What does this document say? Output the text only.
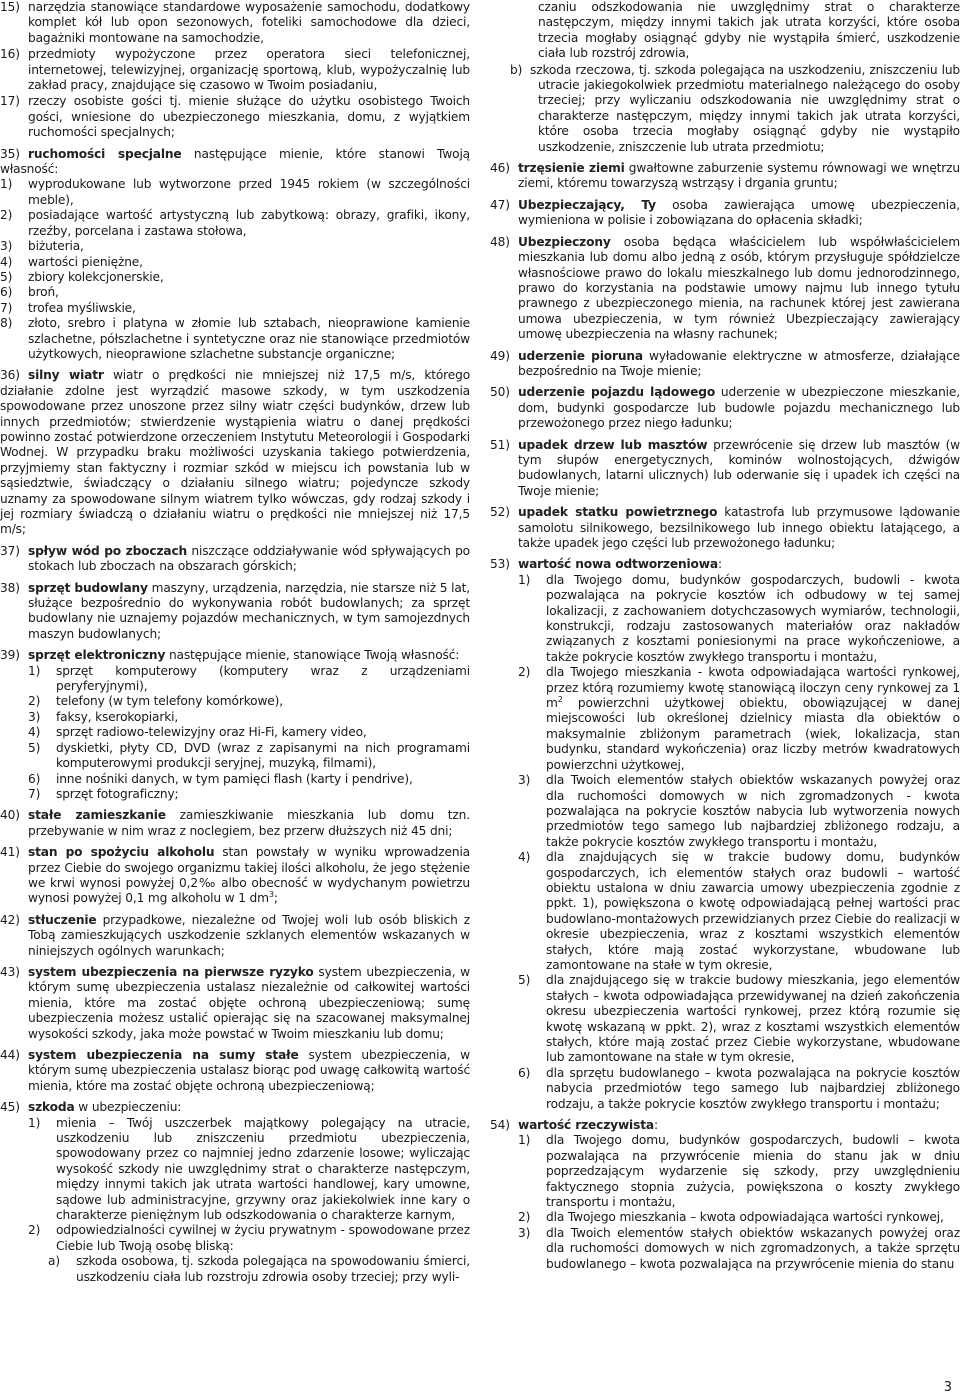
15) narzędzia stanowiące standardowe wyposażenie samochodu, dodatkowy komplet kół lub opon sezonowych, foteliki samochodowe dla dzieci, bagażniki montowane na samochodzie,

16) przedmioty wypożyczone przez operatora sieci telefonicznej, internetowej, telewizyjnej, organizację sportową, klub, wypożyczalnię lub zakład pracy, znajdujące się czasowo w Twoim posiadaniu,

17) rzeczy osobiste gości tj. mienie służące do użytku osobistego Twoich gości, wniesione do ubezpieczonego mieszkania, domu, z wyjątkiem ruchomości specjalnych;

35) ruchomości specjalne następujące mienie, które stanowi Twoją własność:

1) wyprodukowane lub wytworzone przed 1945 rokiem (w szczególności meble),
2) posiadające wartość artystyczną lub zabytkową: obrazy, grafiki, ikony, rzeźby, porcelana i zastawa stołowa,
3) biżuteria,
4) wartości pieniężne,
5) zbiory kolekcjonerskie,
6) broń,
7) trofea myśliwskie,
8) złoto, srebro i platyna w złomie lub sztabach, nieoprawione kamienie szlachetne, półszlachetne i syntetyczne oraz nie stanowiące przedmiotów użytkowych, nieoprawione szlachetne substancje organiczne;

36) silny wiatr wiatr o prędkości nie mniejszej niż 17,5 m/s, którego działanie zdolne jest wyrządzić masowe szkody, w tym uszkodzenia spowodowane przez unoszone przez silny wiatr części budynków, drzew lub innych przedmiotów; stwierdzenie wystąpienia wiatru o danej prędkości powinno zostać potwierdzone orzeczeniem Instytutu Meteorologii i Gospodarki Wodnej. W przypadku braku możliwości uzyskania takiego potwierdzenia, przyjmiemy stan faktyczny i rozmiar szkód w miejscu ich powstania lub w sąsiedztwie, świadczący o działaniu silnego wiatru; pojedyncze szkody uznamy za spowodowane silnym wiatrem tylko wówczas, gdy rodzaj szkody i jej rozmiary świadczą o działaniu wiatru o prędkości nie mniejszej niż 17,5 m/s;

37) spływ wód po zboczach niszczące oddziaływanie wód spływających po stokach lub zboczach na obszarach górskich;

38) sprzęt budowlany maszyny, urządzenia, narzędzia, nie starsze niż 5 lat, służące bezpośrednio do wykonywania robót budowlanych; za sprzęt budowlany nie uznajemy pojazdów mechanicznych, w tym samojezdnych maszyn budowlanych;

39) sprzęt elektroniczny następujące mienie, stanowiące Twoją własność:

1) sprzęt komputerowy (komputery wraz z urządzeniami peryferyjnymi),
2) telefony (w tym telefony komórkowe),
3) faksy, kserokopiarki,
4) sprzęt radiowo-telewizyjny oraz Hi-Fi, kamery video,
5) dyskietki, płyty CD, DVD (wraz z zapisanymi na nich programami komputerowymi produkcji seryjnej, muzyką, filmami),
6) inne nośniki danych, w tym pamięci flash (karty i pendrive),
7) sprzęt fotograficzny;

40) stałe zamieszkanie zamieszkiwanie mieszkania lub domu tzn. przebywanie w nim wraz z noclegiem, bez przerw dłuższych niż 45 dni;

41) stan po spożyciu alkoholu stan powstały w wyniku wprowadzenia przez Ciebie do swojego organizmu takiej ilości alkoholu, że jego stężenie we krwi wynosi powyżej 0,2‰ albo obecność w wydychanym powietrzu wynosi powyżej 0,1 mg alkoholu w 1 $dm^3$;

42) stłuczenie przypadkowe, niezależne od Twojej woli lub osób bliskich z Tobą zamieszkujących uszkodzenie szklanych elementów wskazanych w niniejszych ogólnych warunkach;

43) system ubezpieczenia na pierwsze ryzyko system ubezpieczenia, w którym sumę ubezpieczenia ustalasz niezależnie od całkowitej wartości mienia, które ma zostać objęte ochroną ubezpieczeniową; sumę ubezpieczenia możesz ustalić opierając się na szacowanej maksymalnej wysokości szkody, jaka może powstać w Twoim mieszkaniu lub domu;

44) system ubezpieczenia na sumy stałe system ubezpieczenia, w którym sumę ubezpieczenia ustalasz biorąc pod uwagę całkowitą wartość mienia, które ma zostać objęte ochroną ubezpieczeniową;

45) szkoda w ubezpieczeniu:

1) mienia – Twój uszczerbek majątkowy polegający na utracie, uszkodzeniu lub zniszczeniu przedmiotu ubezpieczenia, spowodowany przez co najmniej jedno zdarzenie losowe; wyliczając wysokość szkody nie uwzględnimy strat o charakterze następczym, między innymi takich jak utrata wartości handlowej, kary umowne, sądowe lub administracyjne, grzywny oraz jakiekolwiek inne kary o charakterze pieniężnym lub odszkodowania o charakterze karnym,
2) odpowiedzialności cywilnej w życiu prywatnym - spowodowane przez Ciebie lub Twoją osobę bliską:
a) szkoda osobowa, tj. szkoda polegająca na spowodowaniu śmierci, uszkodzeniu ciała lub rozstroju zdrowia osoby trzeciej; przy wyli-

czaniu odszkodowania nie uwzględnimy strat o charakterze następczym, między innymi takich jak utrata korzyści, które osoba trzecia mogłaby osiągnąć gdyby nie wystąpiła śmierć, uszkodzenie ciała lub rozstrój zdrowia,

b) szkoda rzeczowa, tj. szkoda polegająca na uszkodzeniu, zniszczeniu lub utracie jakiegokolwiek przedmiotu materialnego należącego do osoby trzeciej; przy wyliczaniu odszkodowania nie uwzględnimy strat o charakterze następczym, między innymi takich jak utrata korzyści, które osoba trzecia mogłaby osiągnąć gdyby nie wystąpiło uszkodzenie, zniszczenie lub utrata przedmiotu;

46) trzęsienie ziemi gwałtowne zaburzenie systemu równowagi we wnętrzu ziemi, któremu towarzyszą wstrząsy i drgania gruntu;

47) Ubezpieczający, Ty osoba zawierająca umowę ubezpieczenia, wymieniona w polisie i zobowiązana do opłacenia składki;

48) Ubezpieczony osoba będąca właścicielem lub współwłaścicielem mieszkania lub domu albo jedną z osób, którym przysługuje spółdzielcze własnościowe prawo do lokalu mieszkalnego lub domu jednorodzinnego, prawo do korzystania na podstawie umowy najmu lub innego tytułu prawnego z ubezpieczonego mienia, na rachunek której jest zawierana umowa ubezpieczenia, w tym również Ubezpieczający zawierający umowę ubezpieczenia na własny rachunek;

49) uderzenie pioruna wyładowanie elektryczne w atmosferze, działające bezpośrednio na Twoje mienie;

50) uderzenie pojazdu lądowego uderzenie w ubezpieczone mieszkanie, dom, budynki gospodarcze lub budowle pojazdu mechanicznego lub przewożonego przez niego ładunku;

51) upadek drzew lub masztów przewrócenie się drzew lub masztów (w tym słupów energetycznych, kominów wolnostojących, dźwigów budowlanych, latarni ulicznych) lub oderwanie się i upadek ich części na Twoje mienie;

52) upadek statku powietrznego katastrofa lub przymusowe lądowanie samolotu silnikowego, bezsilnikowego lub innego obiektu latającego, a także upadek jego części lub przewożonego ładunku;

53) wartość nowa odtworzeniowa:

1) dla Twojego domu, budynków gospodarczych, budowli - kwota pozwalająca na pokrycie kosztów ich odbudowy w tej samej lokalizacji, z zachowaniem dotychczasowych wymiarów, technologii, konstrukcji, rodzaju zastosowanych materiałów oraz nakładów związanych z kosztami poniesionymi na prace wykończeniowe, a także pokrycie kosztów zwykłego transportu i montażu,
2) dla Twojego mieszkania - kwota odpowiadająca wartości rynkowej, przez którą rozumiemy kwotę stanowiącą iloczyn ceny rynkowej za 1 $m^2$ powierzchni użytkowej obiektu, obowiązującej w danej miejscowości lub określonej dzielnicy miasta dla obiektów o maksymalnie zbliżonym parametrach (wiek, lokalizacja, stan budynku, standard wykończenia) oraz liczby metrów kwadratowych powierzchni użytkowej,
3) dla Twoich elementów stałych obiektów wskazanych powyżej oraz dla ruchomości domowych w nich zgromadzonych - kwota pozwalająca na pokrycie kosztów nabycia lub wytworzenia nowych przedmiotów tego samego lub najbardziej zbliżonego rodzaju, a także pokrycie kosztów zwykłego transportu i montażu,
4) dla znajdujących się w trakcie budowy domu, budynków gospodarczych, ich elementów stałych oraz budowli – wartość obiektu ustalona w dniu zawarcia umowy ubezpieczenia zgodnie z ppkt. 1), powiększona o kwotę odpowiadającą pełnej wartości prac budowlano-montażowych przewidzianych przez Ciebie do realizacji w okresie ubezpieczenia, wraz z kosztami wszystkich elementów stałych, które mają zostać wykorzystane, wbudowane lub zamontowane na stałe w tym okresie,
5) dla znajdującego się w trakcie budowy mieszkania, jego elementów stałych – kwota odpowiadająca przewidywanej na dzień zakończenia okresu ubezpieczenia wartości rynkowej, przez którą rozumie się kwotę wskazaną w ppkt. 2), wraz z kosztami wszystkich elementów stałych, które mają zostać przez Ciebie wykorzystane, wbudowane lub zamontowane na stałe w tym okresie,
6) dla sprzętu budowlanego – kwota pozwalająca na pokrycie kosztów nabycia przedmiotów tego samego lub najbardziej zbliżonego rodzaju, a także pokrycie kosztów zwykłego transportu i montażu;

54) wartość rzeczywista:

1) dla Twojego domu, budynków gospodarczych, budowli – kwota pozwalająca na przywrócenie mienia do stanu jak w dniu poprzedzającym wydarzenie się szkody, przy uwzględnieniu faktycznego stopnia zużycia, powiększona o koszty zwykłego transportu i montażu,
2) dla Twojego mieszkania – kwota odpowiadająca wartości rynkowej,
3) dla Twoich elementów stałych obiektów wskazanych powyżej oraz dla ruchomości domowych w nich zgromadzonych, a także sprzętu budowlanego – kwota pozwalająca na przywrócenie mienia do stanu
3
